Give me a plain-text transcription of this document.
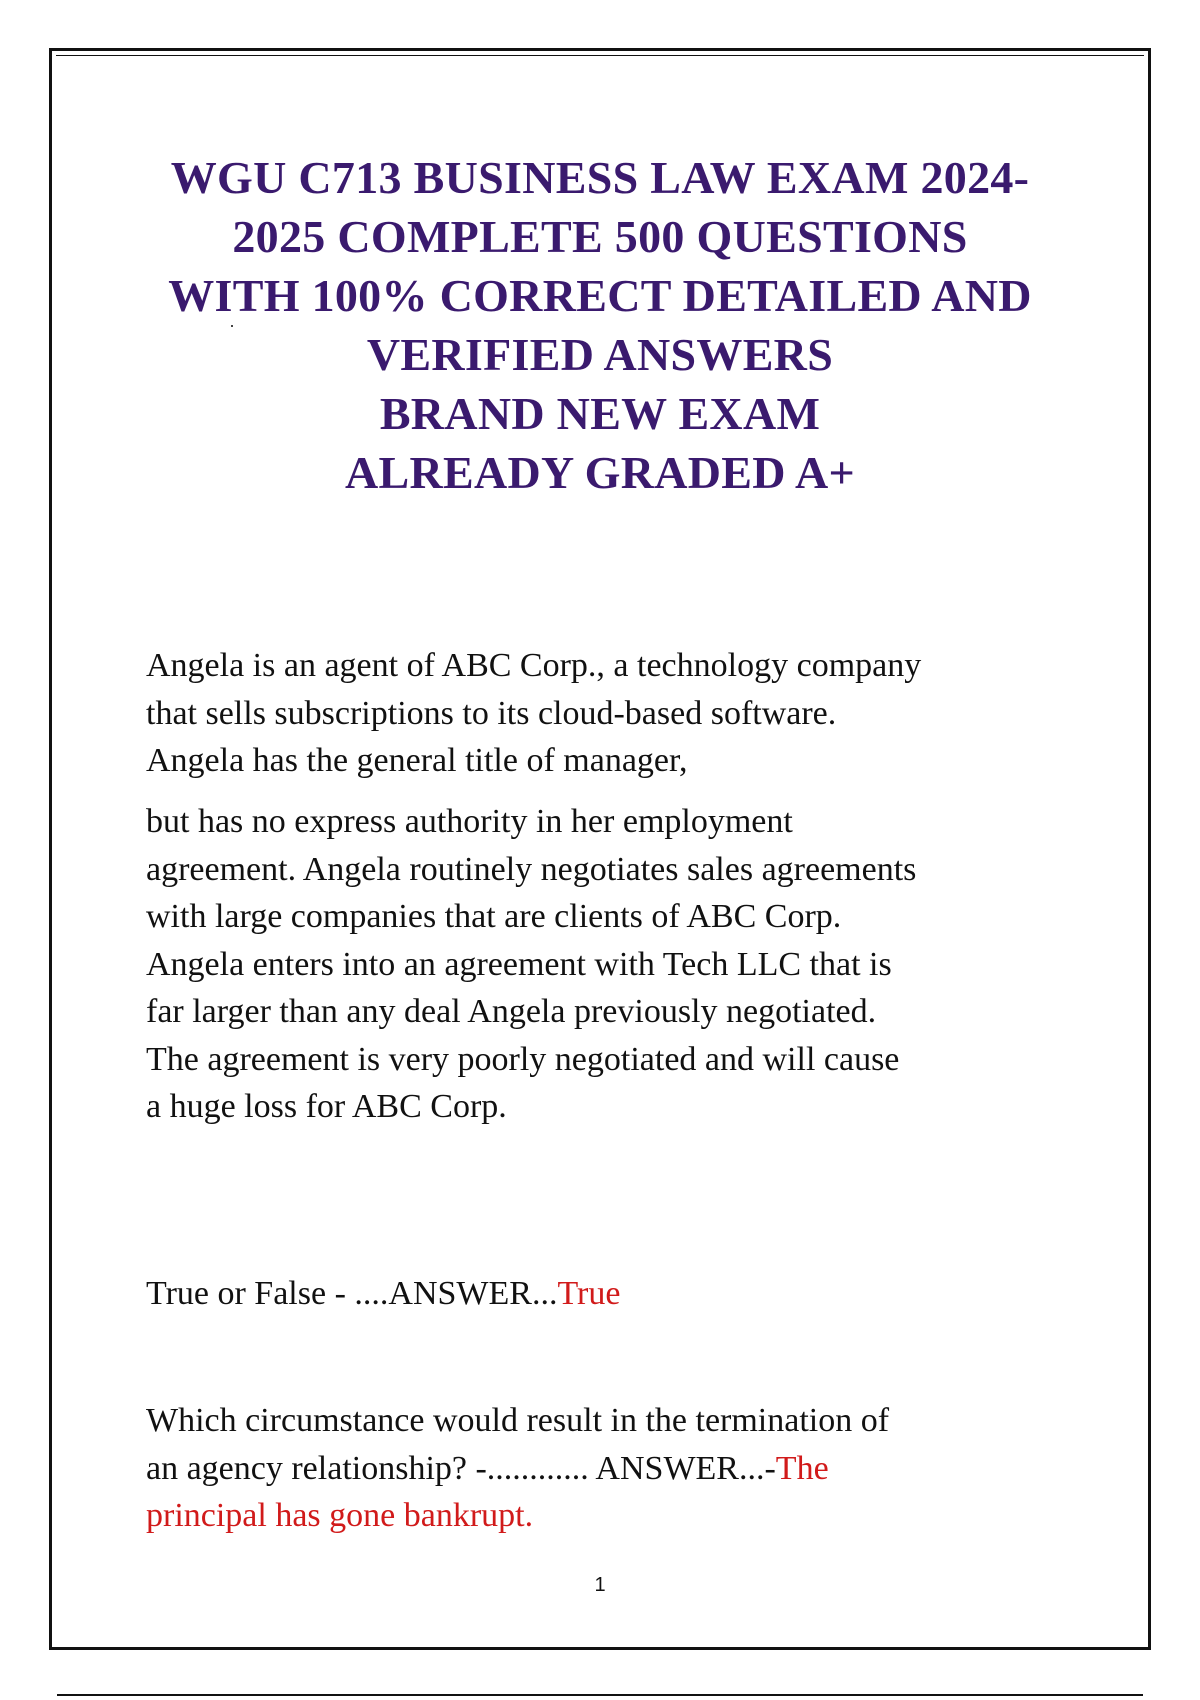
WGU C713 BUSINESS LAW EXAM 2024-
2025 COMPLETE 500 QUESTIONS
WITH 100% CORRECT DETAILED AND
VERIFIED ANSWERS
BRAND NEW EXAM
ALREADY GRADED A+

Angela is an agent of ABC Corp., a technology company
that sells subscriptions to its cloud-based software.
Angela has the general title of manager,

but has no express authority in her employment
agreement. Angela routinely negotiates sales agreements
with large companies that are clients of ABC Corp.
Angela enters into an agreement with Tech LLC that is
far larger than any deal Angela previously negotiated.
The agreement is very poorly negotiated and will cause
a huge loss for ABC Corp.

True or False - ....ANSWER...True

Which circumstance would result in the termination of
an agency relationship? -............ ANSWER...-The
principal has gone bankrupt.

1
